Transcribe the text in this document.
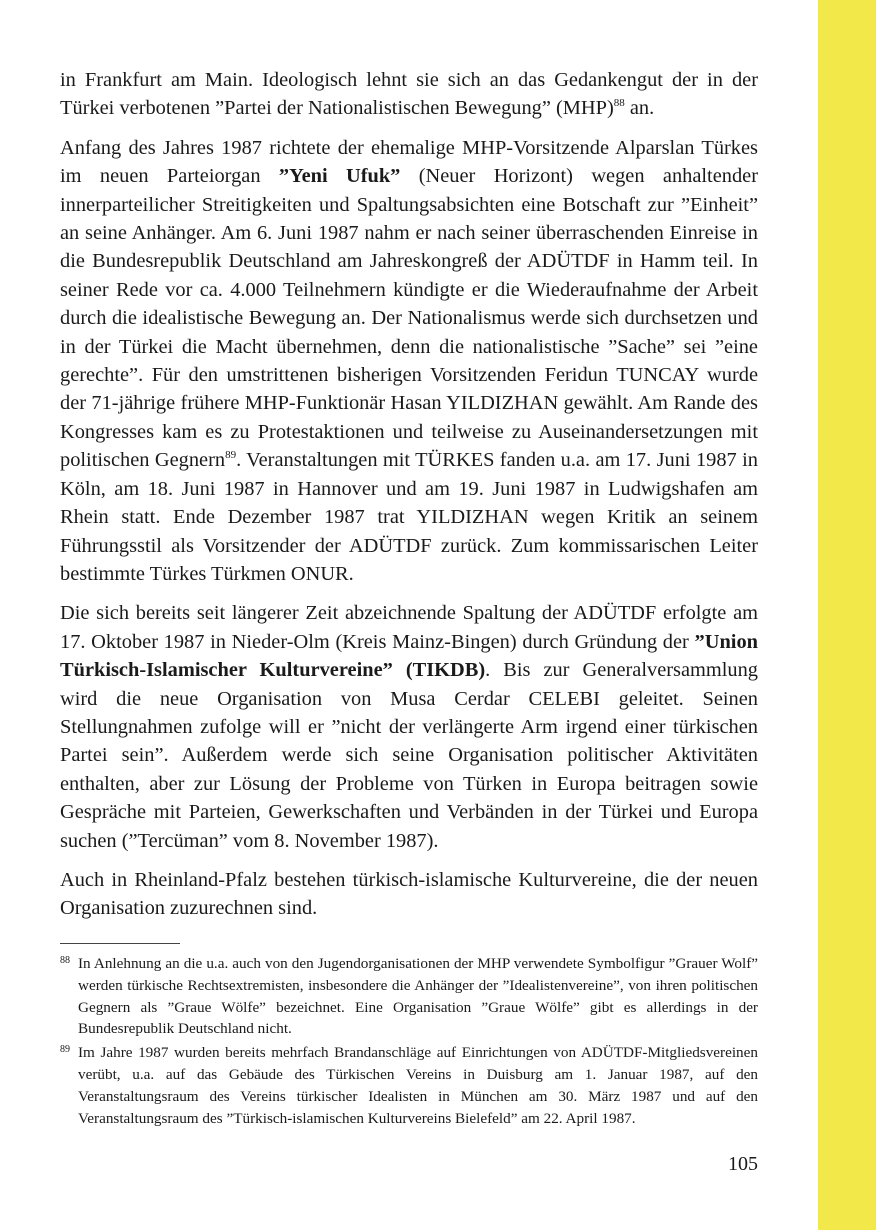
in Frankfurt am Main. Ideologisch lehnt sie sich an das Gedankengut der in der Türkei verbotenen ”Partei der Nationalistischen Bewegung” (MHP)$^{88}$ an.

Anfang des Jahres 1987 richtete der ehemalige MHP-Vorsitzende Alparslan Türkes im neuen Parteiorgan ”Yeni Ufuk” (Neuer Horizont) wegen anhaltender innerparteilicher Streitigkeiten und Spaltungsabsichten eine Botschaft zur ”Einheit” an seine Anhänger. Am 6. Juni 1987 nahm er nach seiner überraschenden Einreise in die Bundesrepublik Deutschland am Jahreskongreß der ADÜTDF in Hamm teil. In seiner Rede vor ca. 4.000 Teilnehmern kündigte er die Wiederaufnahme der Arbeit durch die idealistische Bewegung an. Der Nationalismus werde sich durchsetzen und in der Türkei die Macht übernehmen, denn die nationalistische ”Sache” sei ”eine gerechte”. Für den umstrittenen bisherigen Vorsitzenden Feridun TUNCAY wurde der 71-jährige frühere MHP-Funktionär Hasan YILDIZHAN gewählt. Am Rande des Kongresses kam es zu Protestaktionen und teilweise zu Auseinandersetzungen mit politischen Gegnern$^{89}$. Veranstaltungen mit TÜRKES fanden u.a. am 17. Juni 1987 in Köln, am 18. Juni 1987 in Hannover und am 19. Juni 1987 in Ludwigshafen am Rhein statt. Ende Dezember 1987 trat YILDIZHAN wegen Kritik an seinem Führungsstil als Vorsitzender der ADÜTDF zurück. Zum kommissarischen Leiter bestimmte Türkes Türkmen ONUR.

Die sich bereits seit längerer Zeit abzeichnende Spaltung der ADÜTDF erfolgte am 17. Oktober 1987 in Nieder-Olm (Kreis Mainz-Bingen) durch Gründung der ”Union Türkisch-Islamischer Kulturvereine” (TIKDB). Bis zur Generalversammlung wird die neue Organisation von Musa Cerdar CELEBI geleitet. Seinen Stellungnahmen zufolge will er ”nicht der verlängerte Arm irgend einer türkischen Partei sein”. Außerdem werde sich seine Organisation politischer Aktivitäten enthalten, aber zur Lösung der Probleme von Türken in Europa beitragen sowie Gespräche mit Parteien, Gewerkschaften und Verbänden in der Türkei und Europa suchen (”Tercüman” vom 8. November 1987).

Auch in Rheinland-Pfalz bestehen türkisch-islamische Kulturvereine, die der neuen Organisation zuzurechnen sind.

88 In Anlehnung an die u.a. auch von den Jugendorganisationen der MHP verwendete Symbolfigur ”Grauer Wolf” werden türkische Rechtsextremisten, insbesondere die Anhänger der ”Idealistenvereine”, von ihren politischen Gegnern als ”Graue Wölfe” bezeichnet. Eine Organisation ”Graue Wölfe” gibt es allerdings in der Bundesrepublik Deutschland nicht.
89 Im Jahre 1987 wurden bereits mehrfach Brandanschläge auf Einrichtungen von ADÜTDF-Mitgliedsvereinen verübt, u.a. auf das Gebäude des Türkischen Vereins in Duisburg am 1. Januar 1987, auf den Veranstaltungsraum des Vereins türkischer Idealisten in München am 30. März 1987 und auf den Veranstaltungsraum des ”Türkisch-islamischen Kulturvereins Bielefeld” am 22. April 1987.
105
